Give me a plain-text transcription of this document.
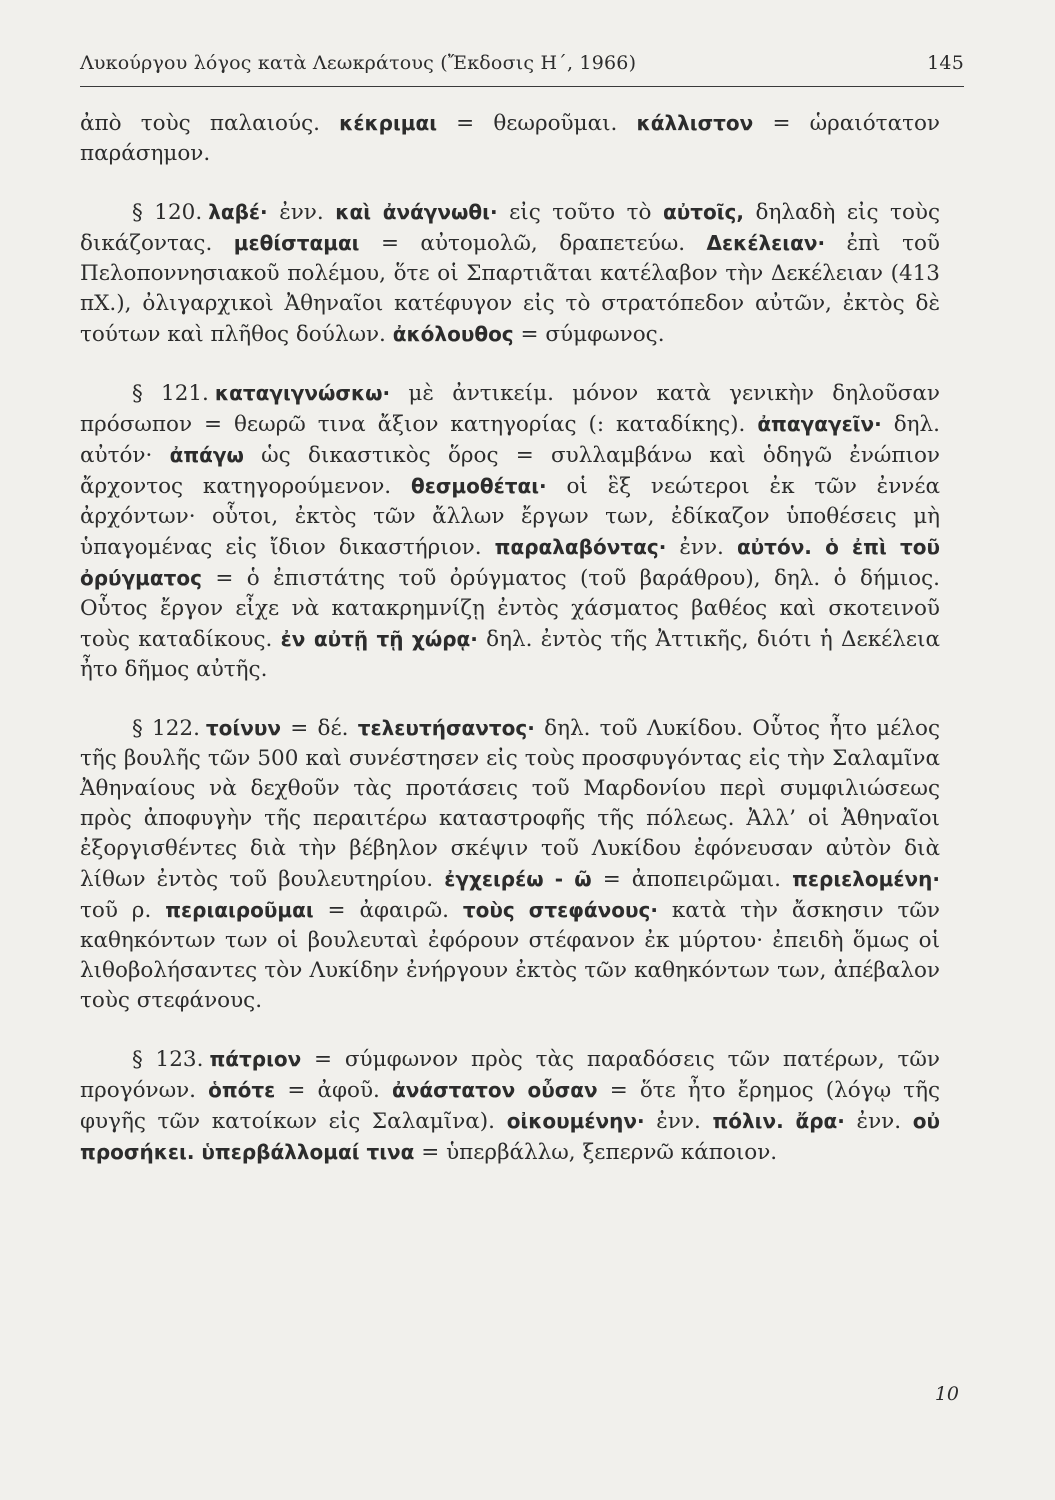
Λυκούργου λόγος κατὰ Λεωκράτους (Ἔκδοσις Η΄, 1966)	145

ἀπὸ τοὺς παλαιούς. κέκριμαι = θεωροῦμαι. κάλλιστον = ὡραιότατον παράσημον.

§ 120. λαβέ· ἐνν. καὶ ἀνάγνωθι· εἰς τοῦτο τὸ αὐτοῖς, δηλαδὴ εἰς τοὺς δικάζοντας. μεθίσταμαι = αὐτομολῶ, δραπετεύω. Δεκέλειαν· ἐπὶ τοῦ Πελοποννησιακοῦ πολέμου, ὅτε οἱ Σπαρτιᾶται κατέλαβον τὴν Δεκέλειαν (413 πΧ.), ὀλιγαρχικοὶ Ἀθηναῖοι κατέφυγον εἰς τὸ στρατόπεδον αὐτῶν, ἐκτὸς δὲ τούτων καὶ πλῆθος δούλων. ἀκόλουθος = σύμφωνος.

§ 121. καταγιγνώσκω· μὲ ἀντικείμ. μόνον κατὰ γενικὴν δηλοῦσαν πρόσωπον = θεωρῶ τινα ἄξιον κατηγορίας (: καταδίκης). ἀπαγαγεῖν· δηλ. αὐτόν· ἀπάγω ὡς δικαστικὸς ὅρος = συλλαμβάνω καὶ ὁδηγῶ ἐνώπιον ἄρχοντος κατηγορούμενον. θεσμοθέται· οἱ ἓξ νεώτεροι ἐκ τῶν ἐννέα ἀρχόντων· οὗτοι, ἐκτὸς τῶν ἄλλων ἔργων των, ἐδίκαζον ὑποθέσεις μὴ ὑπαγομένας εἰς ἴδιον δικαστήριον. παραλαβόντας· ἐνν. αὐτόν. ὁ ἐπὶ τοῦ ὀρύγματος = ὁ ἐπιστάτης τοῦ ὀρύγματος (τοῦ βαράθρου), δηλ. ὁ δήμιος. Οὗτος ἔργον εἶχε νὰ κατακρημνίζῃ ἐντὸς χάσματος βαθέος καὶ σκοτεινοῦ τοὺς καταδίκους. ἐν αὐτῇ τῇ χώρᾳ· δηλ. ἐντὸς τῆς Ἀττικῆς, διότι ἡ Δεκέλεια ἦτο δῆμος αὐτῆς.

§ 122. τοίνυν = δέ. τελευτήσαντος· δηλ. τοῦ Λυκίδου. Οὗτος ἦτο μέλος τῆς βουλῆς τῶν 500 καὶ συνέστησεν εἰς τοὺς προσφυγόντας εἰς τὴν Σαλαμῖνα Ἀθηναίους νὰ δεχθοῦν τὰς προτάσεις τοῦ Μαρδονίου περὶ συμφιλιώσεως πρὸς ἀποφυγὴν τῆς περαιτέρω καταστροφῆς τῆς πόλεως. Ἀλλ’ οἱ Ἀθηναῖοι ἐξοργισθέντες διὰ τὴν βέβηλον σκέψιν τοῦ Λυκίδου ἐφόνευσαν αὐτὸν διὰ λίθων ἐντὸς τοῦ βουλευτηρίου. ἐγχειρέω - ῶ = ἀποπειρῶμαι. περιελομένη· τοῦ ρ. περιαιροῦμαι = ἀφαιρῶ. τοὺς στεφάνους· κατὰ τὴν ἄσκησιν τῶν καθηκόντων των οἱ βουλευταὶ ἐφόρουν στέφανον ἐκ μύρτου· ἐπειδὴ ὅμως οἱ λιθοβολήσαντες τὸν Λυκίδην ἐνήργουν ἐκτὸς τῶν καθηκόντων των, ἀπέβαλον τοὺς στεφάνους.

§ 123. πάτριον = σύμφωνον πρὸς τὰς παραδόσεις τῶν πατέρων, τῶν προγόνων. ὁπότε = ἀφοῦ. ἀνάστατον οὖσαν = ὅτε ἦτο ἔρημος (λόγῳ τῆς φυγῆς τῶν κατοίκων εἰς Σαλαμῖνα). οἰκουμένην· ἐνν. πόλιν. ἄρα· ἐνν. οὐ προσήκει. ὑπερβάλλομαί τινα = ὑπερβάλλω, ξεπερνῶ κάποιον.

10
